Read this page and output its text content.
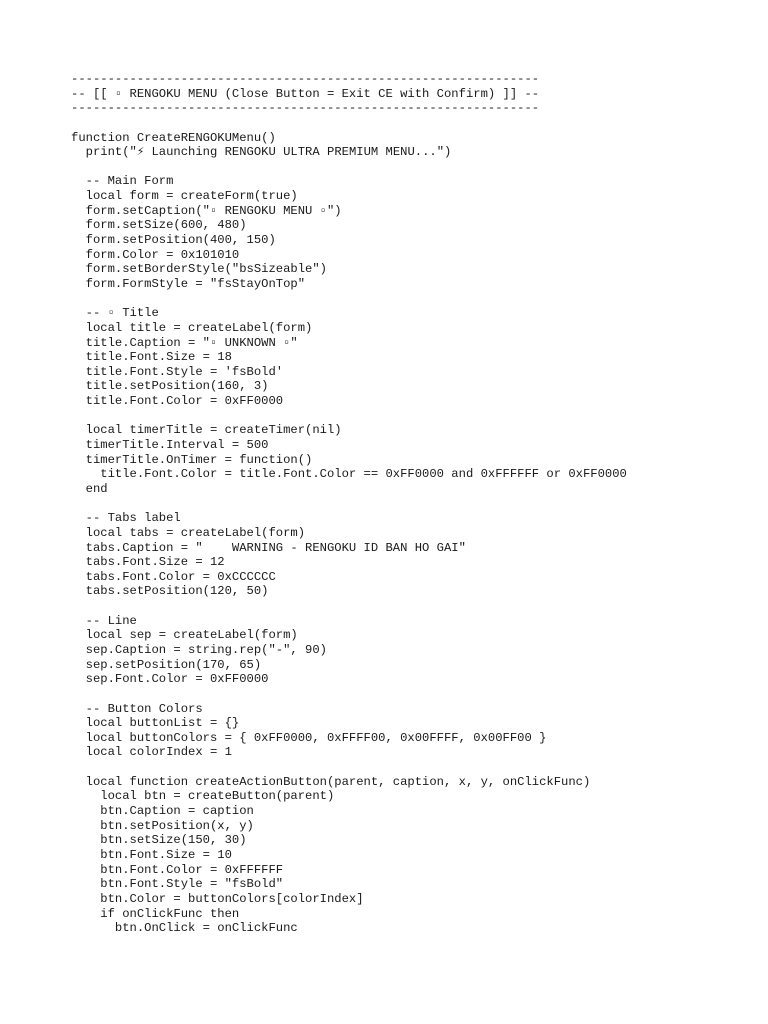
----------------------------------------------------------------
-- [[ ▫ RENGOKU MENU (Close Button = Exit CE with Confirm) ]] --
----------------------------------------------------------------
function CreateRENGOKUMenu()
print("⚡ Launching RENGOKU ULTRA PREMIUM MENU...")
-- Main Form
local form = createForm(true)
form.setCaption("▫ RENGOKU MENU ▫")
form.setSize(600, 480)
form.setPosition(400, 150)
form.Color = 0x101010
form.setBorderStyle("bsSizeable")
form.FormStyle = "fsStayOnTop"
-- ▫ Title
local title = createLabel(form)
title.Caption = "▫ UNKNOWN ▫"
title.Font.Size = 18
title.Font.Style = 'fsBold'
title.setPosition(160, 3)
title.Font.Color = 0xFF0000
local timerTitle = createTimer(nil)
timerTitle.Interval = 500
timerTitle.OnTimer = function()
title.Font.Color = title.Font.Color == 0xFF0000 and 0xFFFFFF or 0xFF0000
end
-- Tabs label
local tabs = createLabel(form)
tabs.Caption = "    WARNING - RENGOKU ID BAN HO GAI"
tabs.Font.Size = 12
tabs.Font.Color = 0xCCCCCC
tabs.setPosition(120, 50)
-- Line
local sep = createLabel(form)
sep.Caption = string.rep("-", 90)
sep.setPosition(170, 65)
sep.Font.Color = 0xFF0000
-- Button Colors
local buttonList = {}
local buttonColors = { 0xFF0000, 0xFFFF00, 0x00FFFF, 0x00FF00 }
local colorIndex = 1
local function createActionButton(parent, caption, x, y, onClickFunc)
local btn = createButton(parent)
btn.Caption = caption
btn.setPosition(x, y)
btn.setSize(150, 30)
btn.Font.Size = 10
btn.Font.Color = 0xFFFFFF
btn.Font.Style = "fsBold"
btn.Color = buttonColors[colorIndex]
if onClickFunc then
btn.OnClick = onClickFunc
